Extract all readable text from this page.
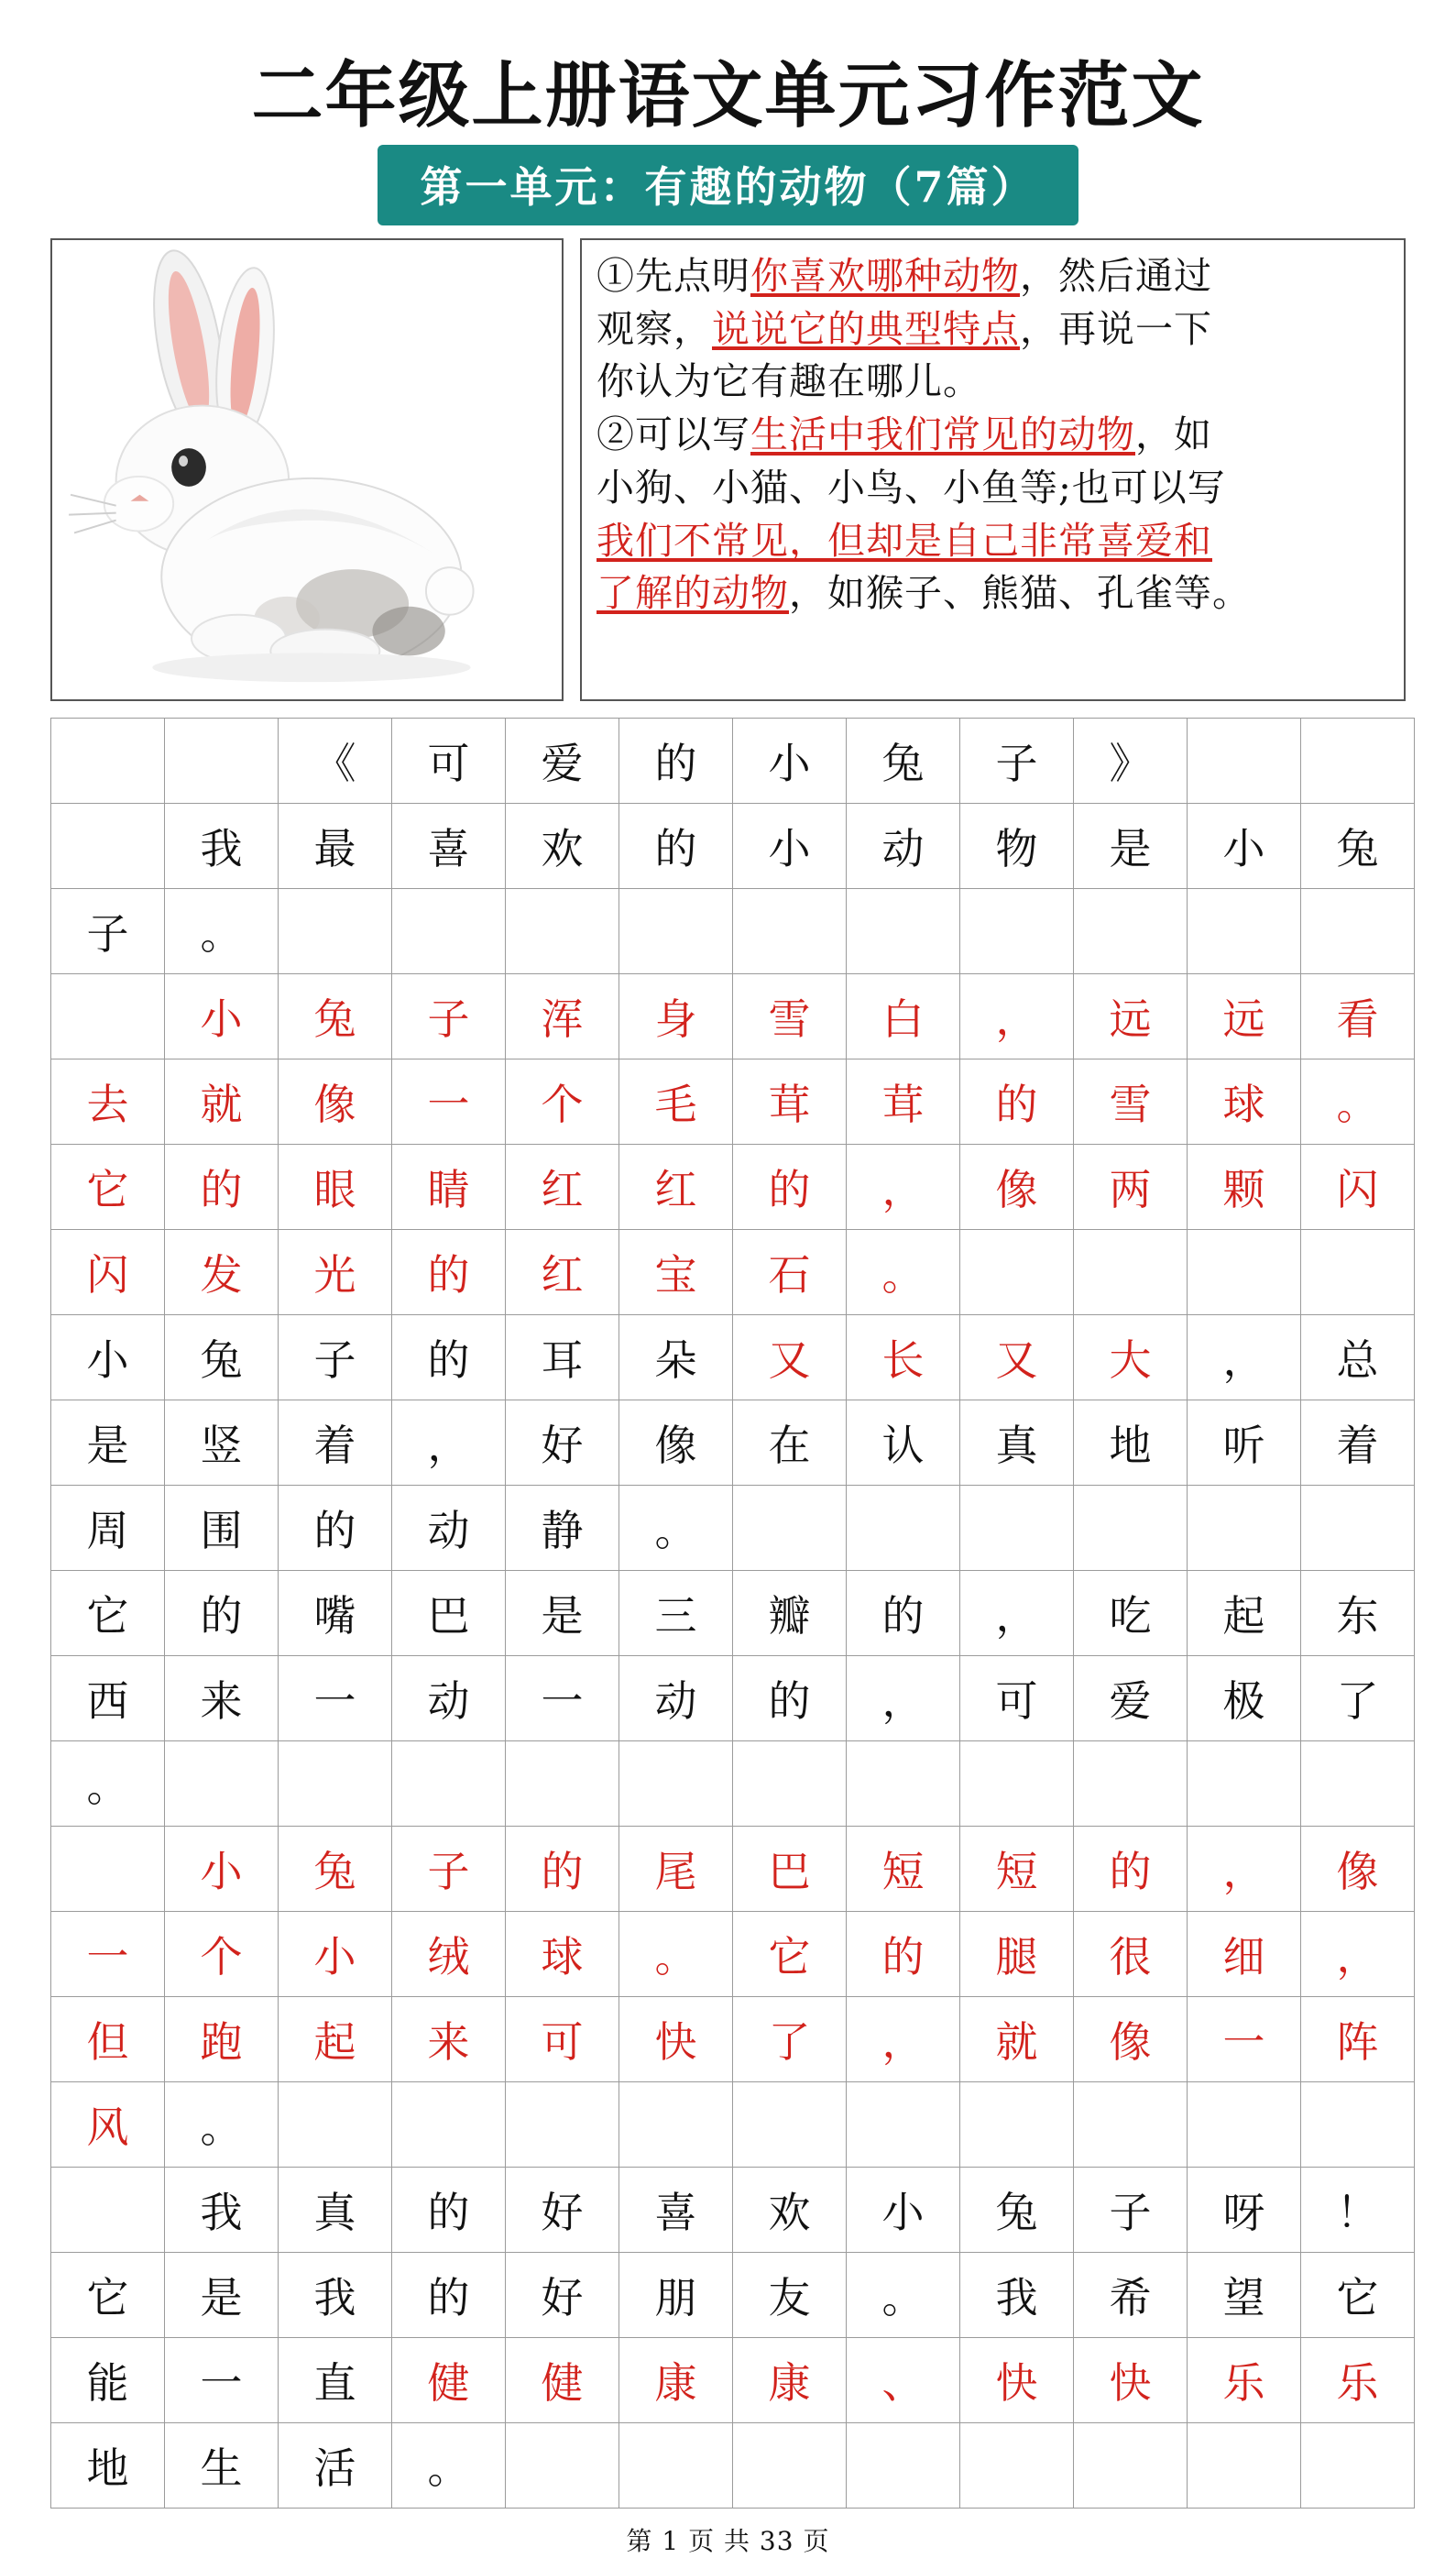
二年级上册语文单元习作范文
第一单元：有趣的动物（7篇）

①先点明你喜欢哪种动物，然后通过

观察，说说它的典型特点，再说一下

你认为它有趣在哪儿。

②可以写生活中我们常见的动物，如

小狗、小猫、小鸟、小鱼等;也可以写

我们不常见，但却是自己非常喜爱和

了解的动物，如猴子、熊猫、孔雀等。

		《	可	爱	的	小	兔	子	》		
	我	最	喜	欢	的	小	动	物	是	小	兔
子	。										
	小	兔	子	浑	身	雪	白	，	远	远	看
去	就	像	一	个	毛	茸	茸	的	雪	球	。
它	的	眼	睛	红	红	的	，	像	两	颗	闪
闪	发	光	的	红	宝	石	。				
小	兔	子	的	耳	朵	又	长	又	大	，	总
是	竖	着	，	好	像	在	认	真	地	听	着
周	围	的	动	静	。						
它	的	嘴	巴	是	三	瓣	的	，	吃	起	东
西	来	一	动	一	动	的	，	可	爱	极	了
。											
	小	兔	子	的	尾	巴	短	短	的	，	像
一	个	小	绒	球	。	它	的	腿	很	细	，
但	跑	起	来	可	快	了	，	就	像	一	阵
风	。										
	我	真	的	好	喜	欢	小	兔	子	呀	！
它	是	我	的	好	朋	友	。	我	希	望	它
能	一	直	健	健	康	康	、	快	快	乐	乐
地	生	活	。								
第 1 页 共 33 页
